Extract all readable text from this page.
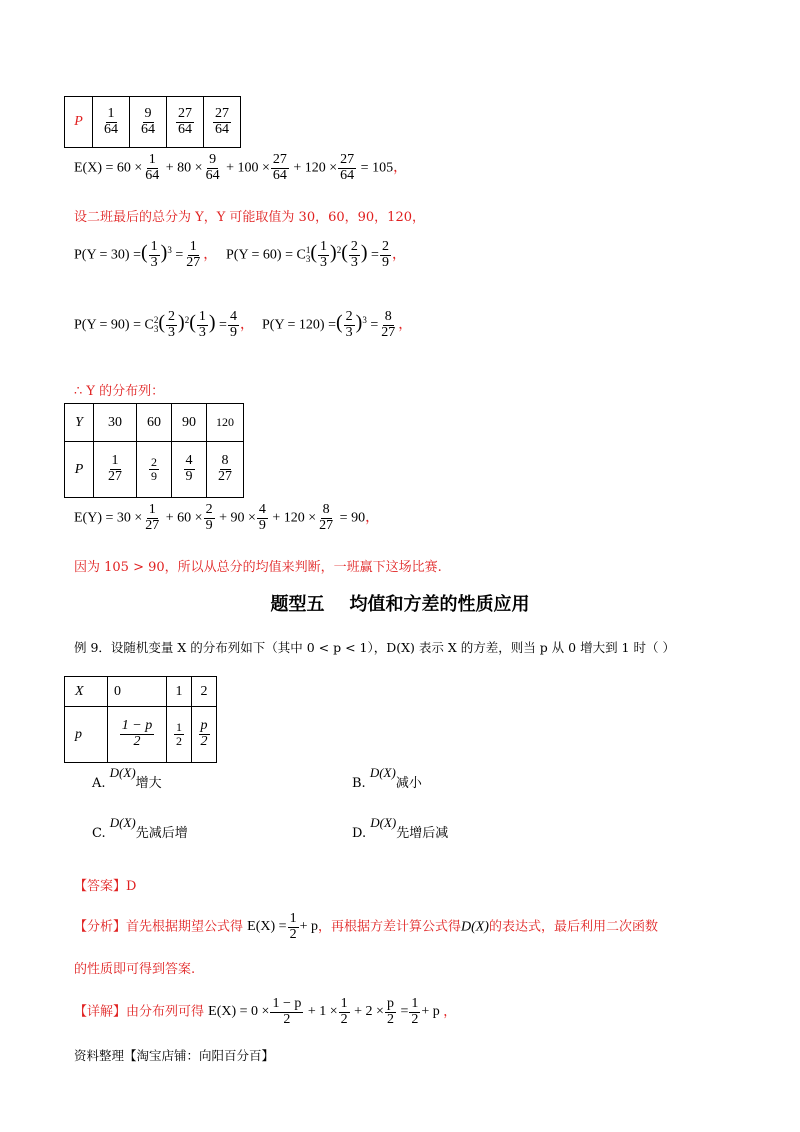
P	$\frac{1}{64}$	$\frac{9}{64}$	$\frac{27}{64}$	$\frac{27}{64}$
$E(X) = 60 \times \frac{1}{64} + 80 \times \frac{9}{64} + 100 \times \frac{27}{64} + 120 \times \frac{27}{64} = 105$，
设二班最后的总分为 Y，Y 可能取值为 30，60，90，120，
P(Y = 30) =( $\frac{1}{3} )^3 = \frac{1}{27}$ ， P(Y = 60) = C 1
3 ( $\frac{1}{3} )^2( \frac{2}{3}$ ) = $\frac{2}{9}$ ，
P(Y = 90) = C 2
3 ( $\frac{2}{3} )^2( \frac{1}{3}$ ) = $\frac{4}{9}$ ， P(Y = 120) =( $\frac{2}{3} )^3 = \frac{8}{27}$ ，
∴ Y 的分布列：
Y	30	60	90	120
P	$\frac{1}{27}$	$\frac{2}{9}$	$\frac{4}{9}$	$\frac{8}{27}$
$E(Y) = 30 \times \frac{1}{27} + 60 \times \frac{2}{9} + 90 \times \frac{4}{9} + 120 \times \frac{8}{27} = 90$，
因为 105 > 90，所以从总分的均值来判断，一班赢下这场比赛.
题型五    均值和方差的性质应用
例 9．设随机变量 X 的分布列如下（其中 0 < p < 1），D(X) 表示 X 的方差，则当 p 从 0 增大到 1 时（ ）
X	0	1	2
p	$\frac{1 - p}{2}$	$\frac{1}{2}$	$\frac{p}{2}$
A. D(X)增大	B. D(X)减小
C. D(X)先减后增	D. D(X)先增后减
【答案】D
【分析】首先根据期望公式得 $E(X) = \frac{1}{2} + p$，再根据方差计算公式得D(X)的表达式，最后利用二次函数
的性质即可得到答案.
【详解】由分布列可得 $E(X) = 0 \times \frac{1 - p}{2} + 1 \times \frac{1}{2} + 2 \times \frac{p}{2} = \frac{1}{2} + p$ ，
资料整理【淘宝店铺：向阳百分百】
